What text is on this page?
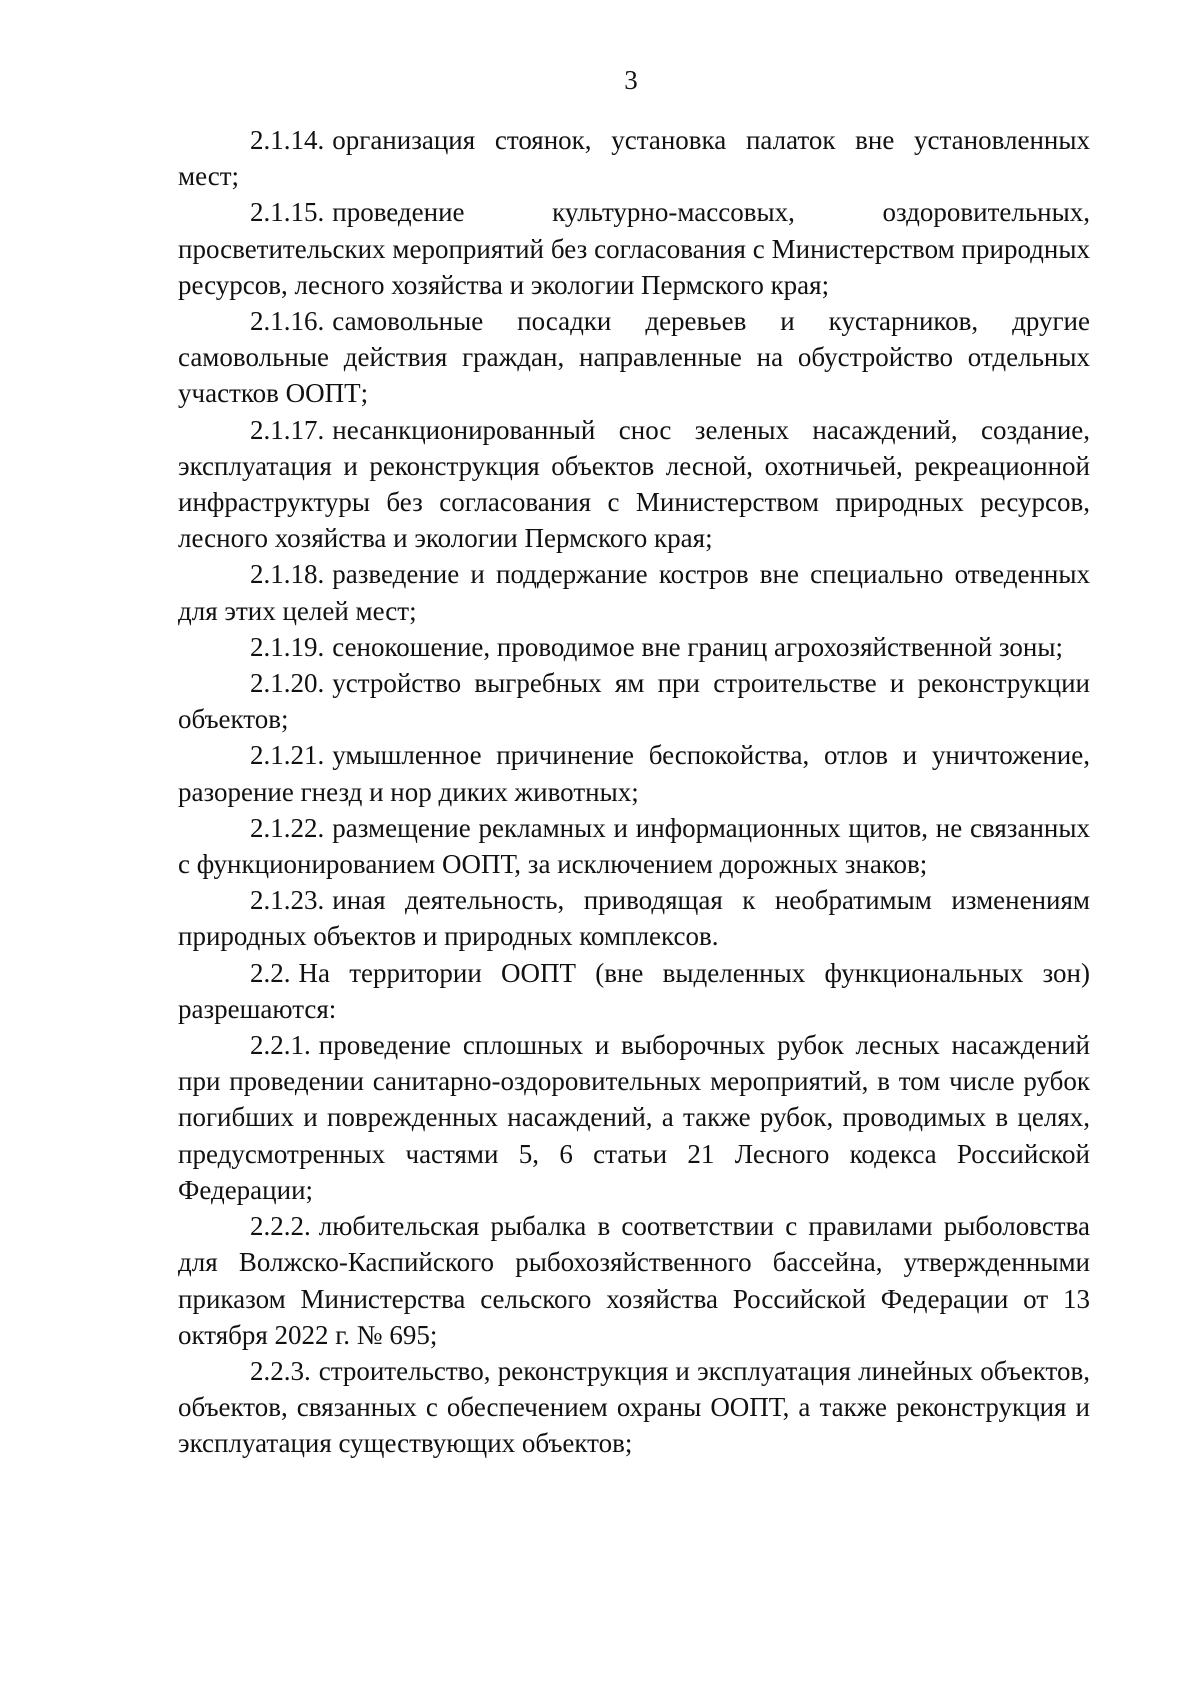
3

2.1.14. организация стоянок, установка палаток вне установленных мест;

2.1.15. проведение культурно-массовых, оздоровительных, просветительских мероприятий без согласования с Министерством природных ресурсов, лесного хозяйства и экологии Пермского края;

2.1.16. самовольные посадки деревьев и кустарников, другие самовольные действия граждан, направленные на обустройство отдельных участков ООПТ;

2.1.17. несанкционированный снос зеленых насаждений, создание, эксплуатация и реконструкция объектов лесной, охотничьей, рекреационной инфраструктуры без согласования с Министерством природных ресурсов, лесного хозяйства и экологии Пермского края;

2.1.18. разведение и поддержание костров вне специально отведенных для этих целей мест;

2.1.19. сенокошение, проводимое вне границ агрохозяйственной зоны;

2.1.20. устройство выгребных ям при строительстве и реконструкции объектов;

2.1.21. умышленное причинение беспокойства, отлов и уничтожение, разорение гнезд и нор диких животных;

2.1.22. размещение рекламных и информационных щитов, не связанных с функционированием ООПТ, за исключением дорожных знаков;

2.1.23. иная деятельность, приводящая к необратимым изменениям природных объектов и природных комплексов.

2.2. На территории ООПТ (вне выделенных функциональных зон) разрешаются:

2.2.1. проведение сплошных и выборочных рубок лесных насаждений при проведении санитарно-оздоровительных мероприятий, в том числе рубок погибших и поврежденных насаждений, а также рубок, проводимых в целях, предусмотренных частями 5, 6 статьи 21 Лесного кодекса Российской Федерации;

2.2.2. любительская рыбалка в соответствии с правилами рыболовства для Волжско-Каспийского рыбохозяйственного бассейна, утвержденными приказом Министерства сельского хозяйства Российской Федерации от 13 октября 2022 г. № 695;

2.2.3. строительство, реконструкция и эксплуатация линейных объектов, объектов, связанных с обеспечением охраны ООПТ, а также реконструкция и эксплуатация существующих объектов;
